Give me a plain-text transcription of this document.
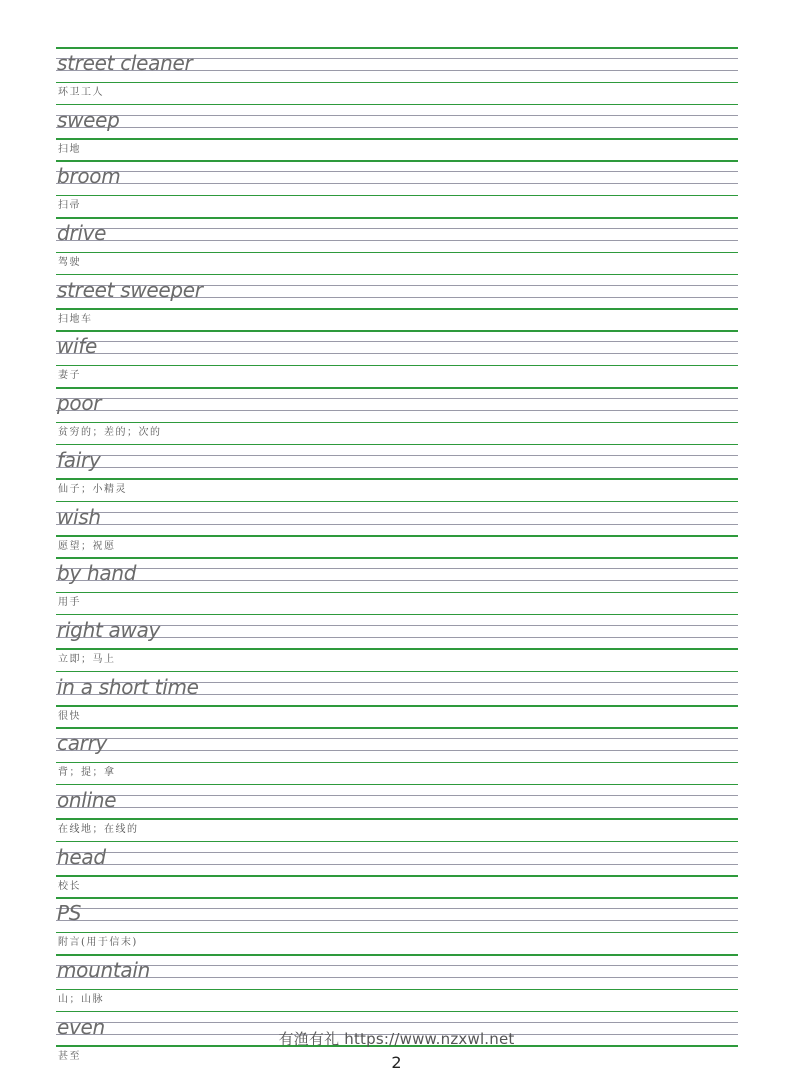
street cleaner
环卫工人
sweep
扫地
broom
扫帚
drive
驾驶
street sweeper
扫地车
wife
妻子
poor
贫穷的；差的；次的
fairy
仙子；小精灵
wish
愿望；祝愿
by hand
用手
right away
立即；马上
in a short time
很快
carry
背；提；拿
online
在线地；在线的
head
校长
PS
附言(用于信末)
mountain
山；山脉
even
甚至
有渔有礼 https://www.nzxwl.net
2
